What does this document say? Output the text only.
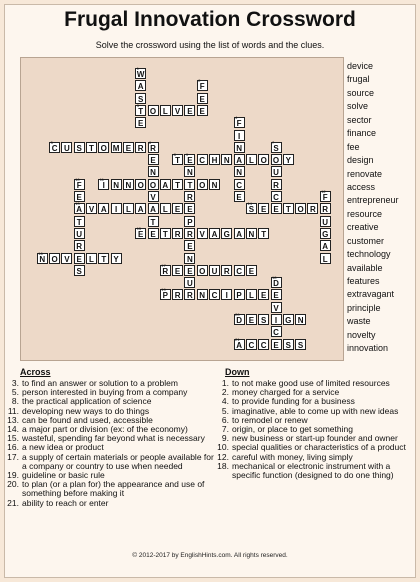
Frugal Innovation Crossword
Solve the crossword using the list of words and the clues.
1
W
A
S
3
T
E
2
F
E
E
O L V E
4
F
I
N
A
N
C
E
5
C U S T O M E R
6
R
E
N
O
V
A
T
E
7
S
O
U
R
C
E
8
T
9
E C H N	L O	Y
N
T
R
E
P
R
E
N
E
U
R
10
F
E
13
A
T
U
R
E
S
11
I	N N O	A T	O N
12
F
R
U
G
A
L
V A	I	L A	L E
14
S E	T O R
15
E	T R	V A G A N T
16
N O V	L T Y
17
R E	O U R C E
18
D
E
V
I
C
E
19
P R	N C	I	P L E
20
D E S	G N
21
A C C	S S
device
frugal
source
solve
sector
finance
fee
design
renovate
access
entrepreneur
resource
creative
customer
technology
available
features
extravagant
principle
waste
novelty
innovation
Across	Down
3. to find an answer or solution to a problem
5. person interested in buying from a company
8. the practical application of science
11. developing new ways to do things
13. can be found and used, accessible
14. a major part or division (ex: of the economy)
15. wasteful, spending far beyond what is necessary
16. a new idea or product
17. a supply of certain materials or people available for a company or country to use when needed
19. guideline or basic rule
20. to plan (or a plan for) the appearance and use of something before making it
21. ability to reach or enter
1. to not make good use of limited resources
2. money charged for a service
4. to provide funding for a business
5. imaginative, able to come up with new ideas
6. to remodel or renew
7. origin, or place to get something
9. new business or start-up founder and owner
10. special qualities or characteristics of a product
12. careful with money, living simply
18. mechanical or electronic instrument with a specific function (designed to do one thing)
© 2012-2017 by EnglishHints.com. All rights reserved.
